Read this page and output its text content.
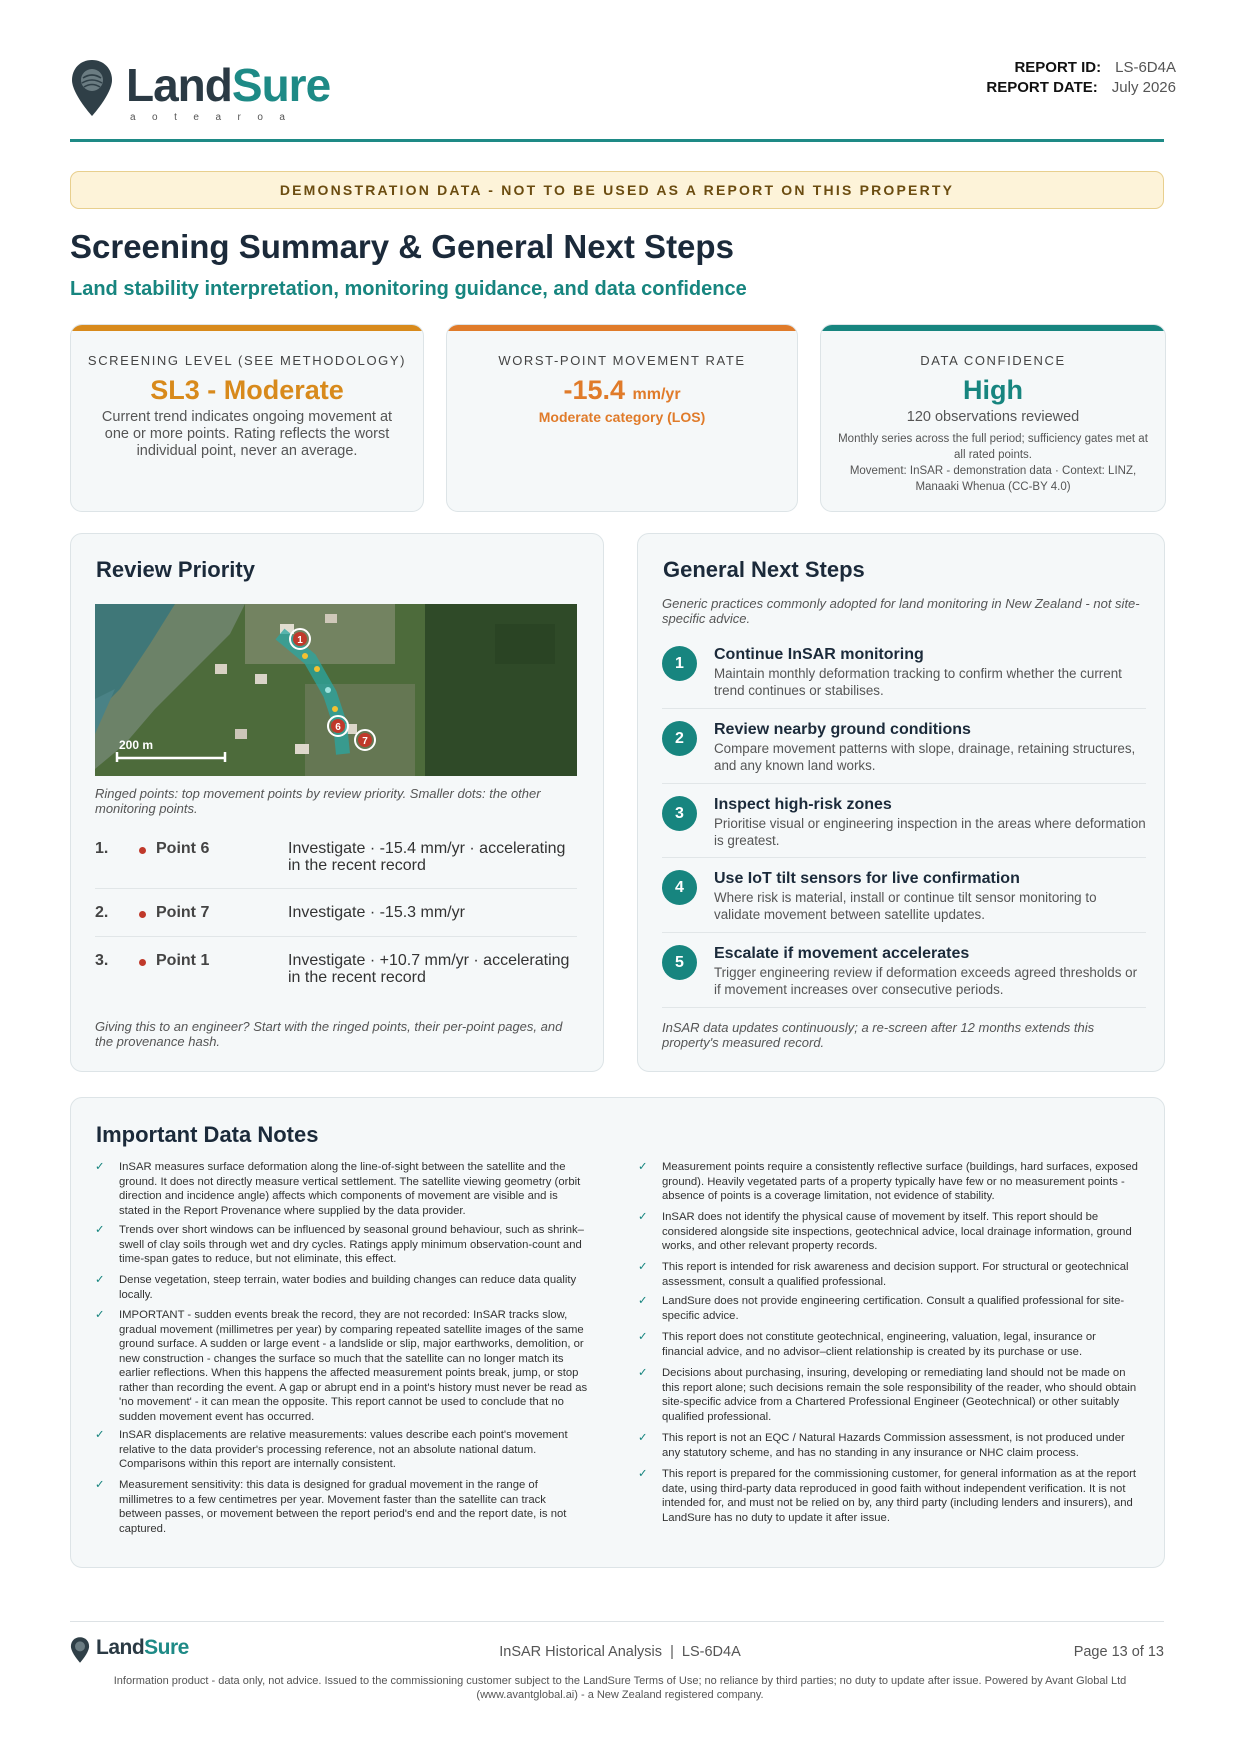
LandSure
aotearoa
REPORT ID: LS-6D4A
REPORT DATE: July 2026
DEMONSTRATION DATA - NOT TO BE USED AS A REPORT ON THIS PROPERTY
Screening Summary & General Next Steps
Land stability interpretation, monitoring guidance, and data confidence
SCREENING LEVEL (SEE METHODOLOGY)
SL3 - Moderate
Current trend indicates ongoing movement at one or more points. Rating reflects the worst individual point, never an average.
WORST-POINT MOVEMENT RATE
-15.4 mm/yr
Moderate category (LOS)
DATA CONFIDENCE
High
120 observations reviewed
Monthly series across the full period; sufficiency gates met at all rated points.
Movement: InSAR - demonstration data · Context: LINZ, Manaaki Whenua (CC-BY 4.0)
Review Priority
1
6
7
200 m
Ringed points: top movement points by review priority. Smaller dots: the other monitoring points.
1.	Point 6	Investigate · -15.4 mm/yr · accelerating in the recent record
2.	Point 7	Investigate · -15.3 mm/yr
3.	Point 1	Investigate · +10.7 mm/yr · accelerating in the recent record
Giving this to an engineer? Start with the ringed points, their per-point pages, and the provenance hash.
General Next Steps
Generic practices commonly adopted for land monitoring in New Zealand - not site-specific advice.
1
Continue InSAR monitoring
Maintain monthly deformation tracking to confirm whether the current trend continues or stabilises.
2
Review nearby ground conditions
Compare movement patterns with slope, drainage, retaining structures, and any known land works.
3
Inspect high-risk zones
Prioritise visual or engineering inspection in the areas where deformation is greatest.
4
Use IoT tilt sensors for live confirmation
Where risk is material, install or continue tilt sensor monitoring to validate movement between satellite updates.
5
Escalate if movement accelerates
Trigger engineering review if deformation exceeds agreed thresholds or if movement increases over consecutive periods.
InSAR data updates continuously; a re-screen after 12 months extends this property's measured record.
Important Data Notes
✓ InSAR measures surface deformation along the line-of-sight between the satellite and the ground. It does not directly measure vertical settlement. The satellite viewing geometry (orbit direction and incidence angle) affects which components of movement are visible and is stated in the Report Provenance where supplied by the data provider.
✓ Trends over short windows can be influenced by seasonal ground behaviour, such as shrink–swell of clay soils through wet and dry cycles. Ratings apply minimum observation-count and time-span gates to reduce, but not eliminate, this effect.
✓ Dense vegetation, steep terrain, water bodies and building changes can reduce data quality locally.
✓ IMPORTANT - sudden events break the record, they are not recorded: InSAR tracks slow, gradual movement (millimetres per year) by comparing repeated satellite images of the same ground surface. A sudden or large event - a landslide or slip, major earthworks, demolition, or new construction - changes the surface so much that the satellite can no longer match its earlier reflections. When this happens the affected measurement points break, jump, or stop rather than recording the event. A gap or abrupt end in a point's history must never be read as 'no movement' - it can mean the opposite. This report cannot be used to conclude that no sudden movement event has occurred.
✓ InSAR displacements are relative measurements: values describe each point's movement relative to the data provider's processing reference, not an absolute national datum. Comparisons within this report are internally consistent.
✓ Measurement sensitivity: this data is designed for gradual movement in the range of millimetres to a few centimetres per year. Movement faster than the satellite can track between passes, or movement between the report period's end and the report date, is not captured.
✓ Measurement points require a consistently reflective surface (buildings, hard surfaces, exposed ground). Heavily vegetated parts of a property typically have few or no measurement points - absence of points is a coverage limitation, not evidence of stability.
✓ InSAR does not identify the physical cause of movement by itself. This report should be considered alongside site inspections, geotechnical advice, local drainage information, ground works, and other relevant property records.
✓ This report is intended for risk awareness and decision support. For structural or geotechnical assessment, consult a qualified professional.
✓ LandSure does not provide engineering certification. Consult a qualified professional for site-specific advice.
✓ This report does not constitute geotechnical, engineering, valuation, legal, insurance or financial advice, and no advisor–client relationship is created by its purchase or use.
✓ Decisions about purchasing, insuring, developing or remediating land should not be made on this report alone; such decisions remain the sole responsibility of the reader, who should obtain site-specific advice from a Chartered Professional Engineer (Geotechnical) or other suitably qualified professional.
✓ This report is not an EQC / Natural Hazards Commission assessment, is not produced under any statutory scheme, and has no standing in any insurance or NHC claim process.
✓ This report is prepared for the commissioning customer, for general information as at the report date, using third-party data reproduced in good faith without independent verification. It is not intended for, and must not be relied on by, any third party (including lenders and insurers), and LandSure has no duty to update it after issue.
LandSure	InSAR Historical Analysis  |  LS-6D4A	Page 13 of 13
Information product - data only, not advice. Issued to the commissioning customer subject to the LandSure Terms of Use; no reliance by third parties; no duty to update after issue. Powered by Avant Global Ltd (www.avantglobal.ai) - a New Zealand registered company.
